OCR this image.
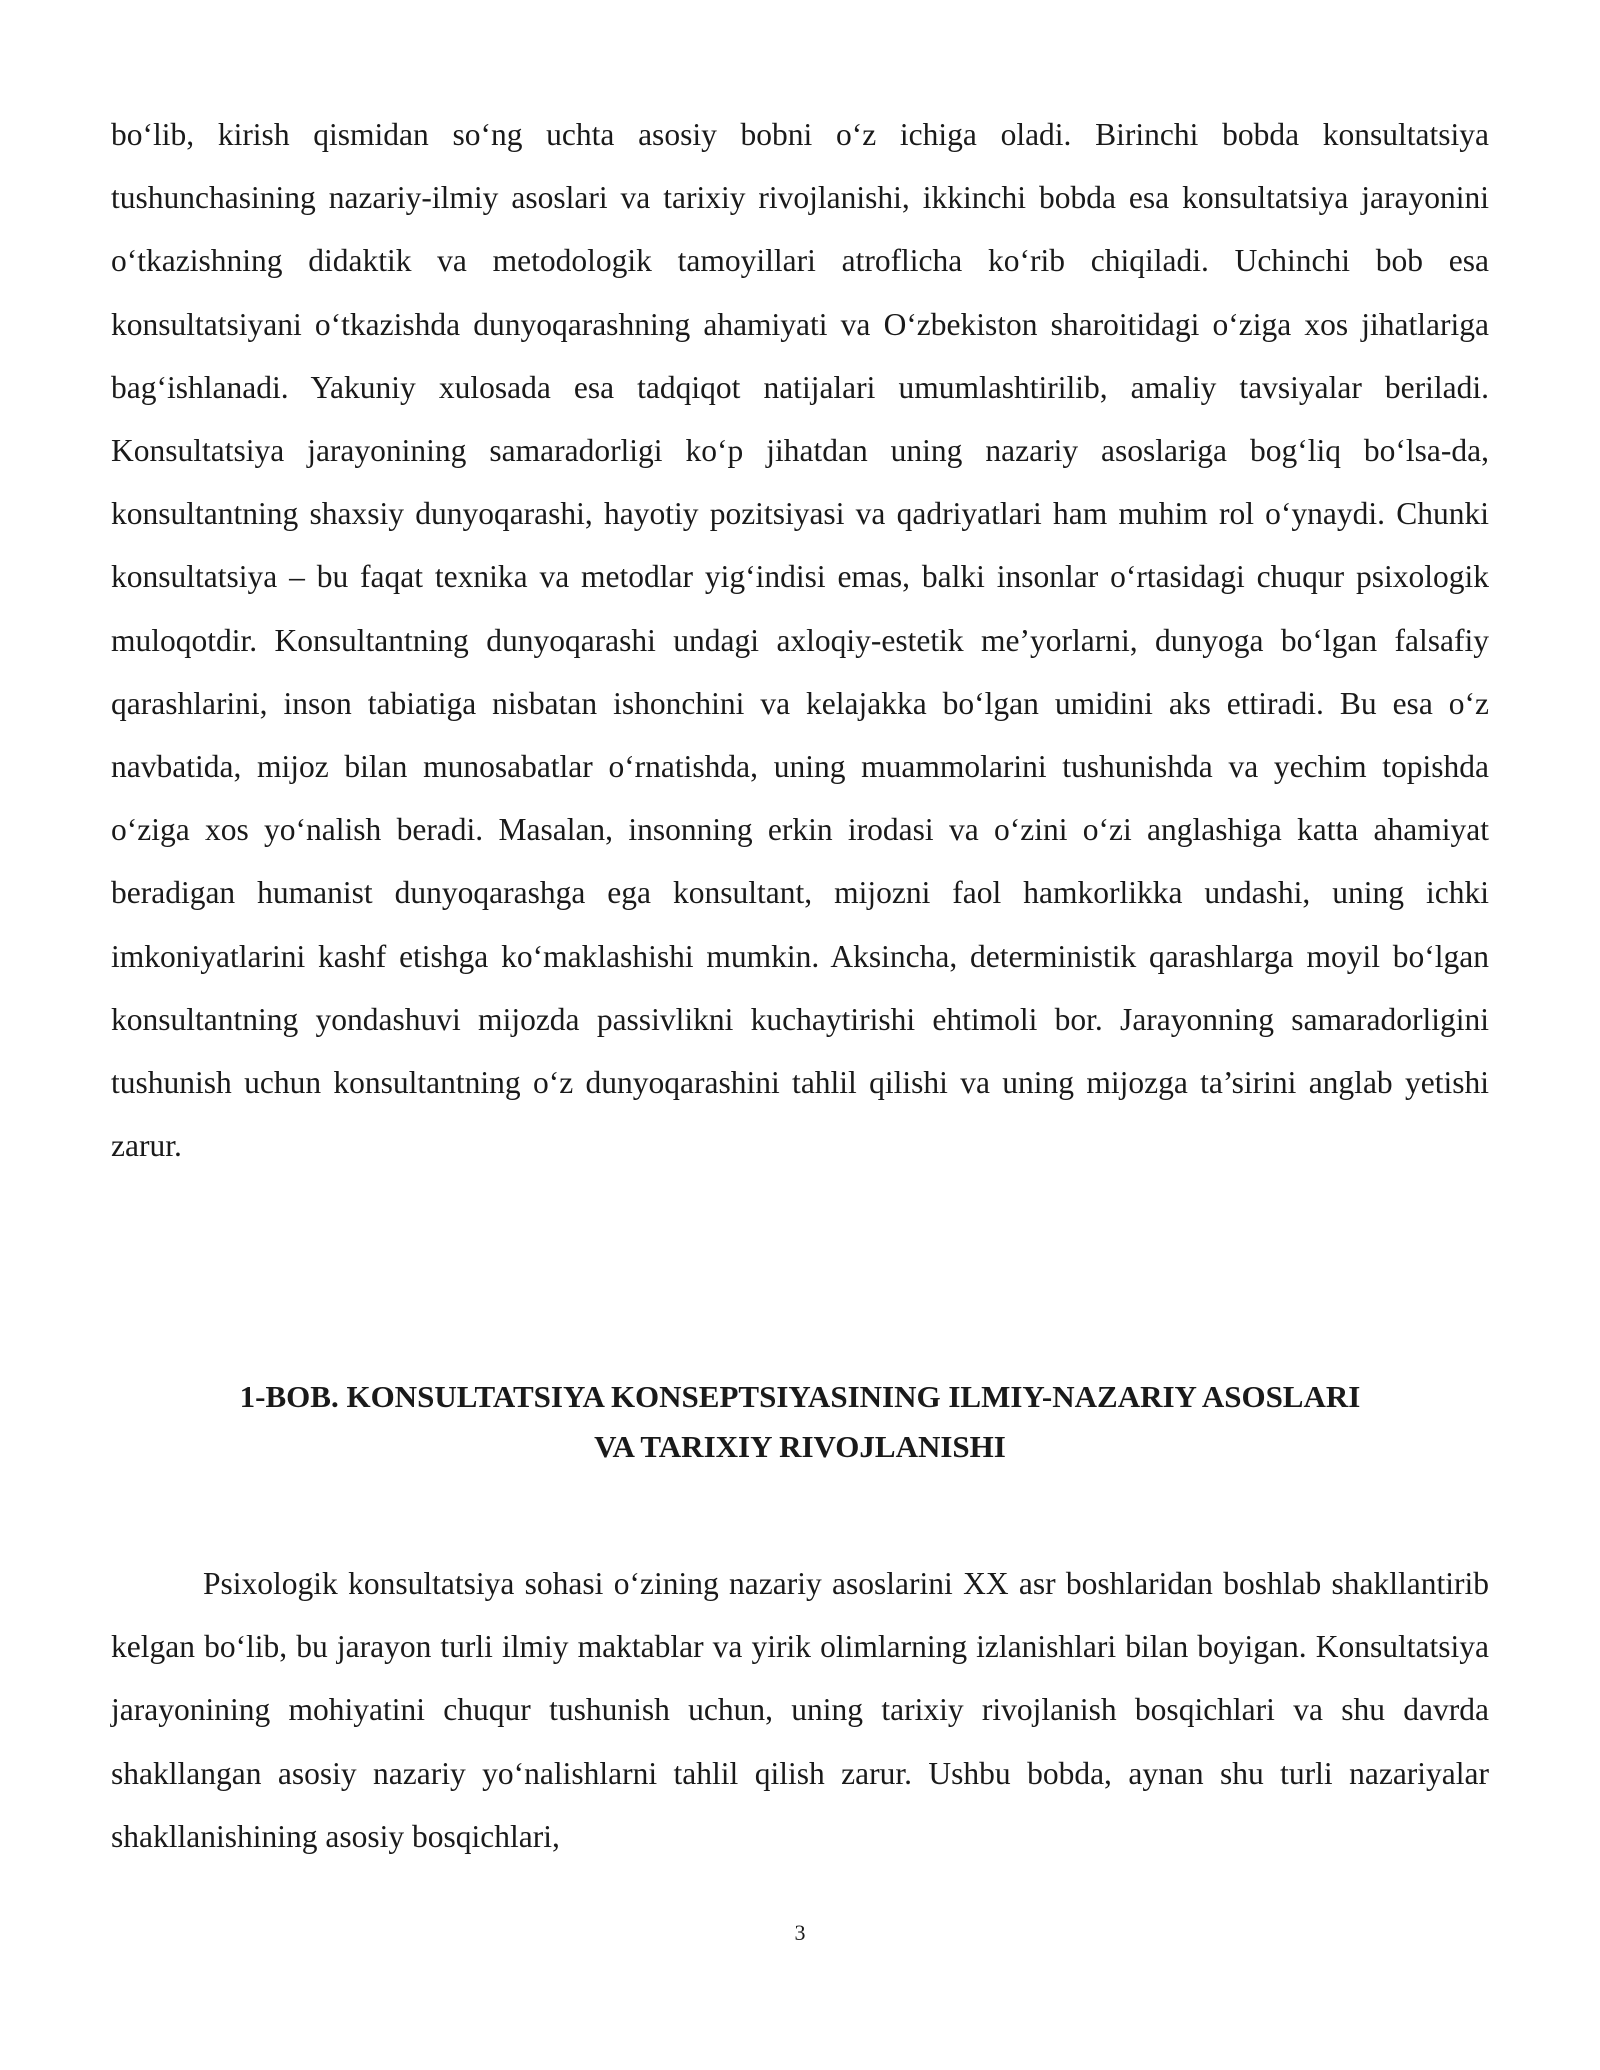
bo‘lib, kirish qismidan so‘ng uchta asosiy bobni o‘z ichiga oladi. Birinchi bobda konsultatsiya tushunchasining nazariy-ilmiy asoslari va tarixiy rivojlanishi, ikkinchi bobda esa konsultatsiya jarayonini o‘tkazishning didaktik va metodologik tamoyillari atroflicha ko‘rib chiqiladi. Uchinchi bob esa konsultatsiyani o‘tkazishda dunyoqarashning ahamiyati va O‘zbekiston sharoitidagi o‘ziga xos jihatlariga bag‘ishlanadi. Yakuniy xulosada esa tadqiqot natijalari umumlashtirilib, amaliy tavsiyalar beriladi. Konsultatsiya jarayonining samaradorligi ko‘p jihatdan uning nazariy asoslariga bog‘liq bo‘lsa-da, konsultantning shaxsiy dunyoqarashi, hayotiy pozitsiyasi va qadriyatlari ham muhim rol o‘ynaydi. Chunki konsultatsiya – bu faqat texnika va metodlar yig‘indisi emas, balki insonlar o‘rtasidagi chuqur psixologik muloqotdir. Konsultantning dunyoqarashi undagi axloqiy-estetik me’yorlarni, dunyoga bo‘lgan falsafiy qarashlarini, inson tabiatiga nisbatan ishonchini va kelajakka bo‘lgan umidini aks ettiradi. Bu esa o‘z navbatida, mijoz bilan munosabatlar o‘rnatishda, uning muammolarini tushunishda va yechim topishda o‘ziga xos yo‘nalish beradi. Masalan, insonning erkin irodasi va o‘zini o‘zi anglashiga katta ahamiyat beradigan humanist dunyoqarashga ega konsultant, mijozni faol hamkorlikka undashi, uning ichki imkoniyatlarini kashf etishga ko‘maklashishi mumkin. Aksincha, deterministik qarashlarga moyil bo‘lgan konsultantning yondashuvi mijozda passivlikni kuchaytirishi ehtimoli bor. Jarayonning samaradorligini tushunish uchun konsultantning o‘z dunyoqarashini tahlil qilishi va uning mijozga ta’sirini anglab yetishi zarur.

1-BOB. KONSULTATSIYA KONSEPTSIYASINING ILMIY-NAZARIY ASOSLARI
VA TARIXIY RIVOJLANISHI

Psixologik konsultatsiya sohasi o‘zining nazariy asoslarini XX asr boshlaridan boshlab shakllantirib kelgan bo‘lib, bu jarayon turli ilmiy maktablar va yirik olimlarning izlanishlari bilan boyigan. Konsultatsiya jarayonining mohiyatini chuqur tushunish uchun, uning tarixiy rivojlanish bosqichlari va shu davrda shakllangan asosiy nazariy yo‘nalishlarni tahlil qilish zarur. Ushbu bobda, aynan shu turli nazariyalar shakllanishining asosiy bosqichlari,

3
